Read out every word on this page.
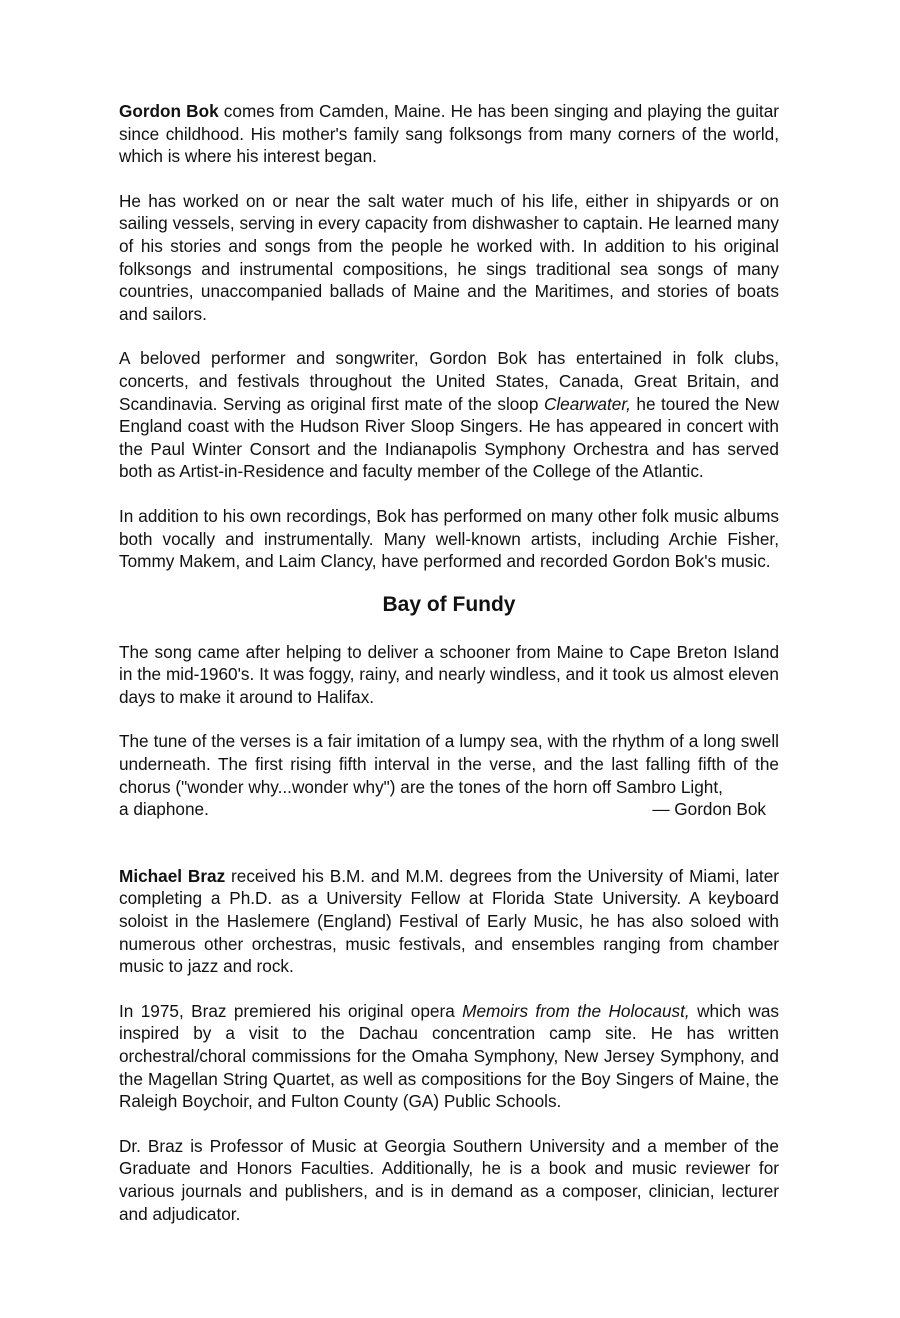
Gordon Bok comes from Camden, Maine. He has been singing and playing the guitar since childhood. His mother's family sang folksongs from many corners of the world, which is where his interest began.

He has worked on or near the salt water much of his life, either in shipyards or on sailing vessels, serving in every capacity from dishwasher to captain. He learned many of his stories and songs from the people he worked with. In addition to his original folksongs and instrumental compositions, he sings traditional sea songs of many countries, unaccompanied ballads of Maine and the Maritimes, and stories of boats and sailors.

A beloved performer and songwriter, Gordon Bok has entertained in folk clubs, concerts, and festivals throughout the United States, Canada, Great Britain, and Scandinavia. Serving as original first mate of the sloop Clearwater, he toured the New England coast with the Hudson River Sloop Singers. He has appeared in concert with the Paul Winter Consort and the Indianapolis Symphony Orchestra and has served both as Artist-in-Residence and faculty member of the College of the Atlantic.

In addition to his own recordings, Bok has performed on many other folk music albums both vocally and instrumentally. Many well-known artists, including Archie Fisher, Tommy Makem, and Laim Clancy, have performed and recorded Gordon Bok's music.

Bay of Fundy

The song came after helping to deliver a schooner from Maine to Cape Breton Island in the mid-1960's. It was foggy, rainy, and nearly windless, and it took us almost eleven days to make it around to Halifax.

The tune of the verses is a fair imitation of a lumpy sea, with the rhythm of a long swell underneath. The first rising fifth interval in the verse, and the last falling fifth of the chorus ("wonder why...wonder why") are the tones of the horn off Sambro Light,

a diaphone.	— Gordon Bok

Michael Braz received his B.M. and M.M. degrees from the University of Miami, later completing a Ph.D. as a University Fellow at Florida State University. A keyboard soloist in the Haslemere (England) Festival of Early Music, he has also soloed with numerous other orchestras, music festivals, and ensembles ranging from chamber music to jazz and rock.

In 1975, Braz premiered his original opera Memoirs from the Holocaust, which was inspired by a visit to the Dachau concentration camp site. He has written orchestral/choral commissions for the Omaha Symphony, New Jersey Symphony, and the Magellan String Quartet, as well as compositions for the Boy Singers of Maine, the Raleigh Boychoir, and Fulton County (GA) Public Schools.

Dr. Braz is Professor of Music at Georgia Southern University and a member of the Graduate and Honors Faculties. Additionally, he is a book and music reviewer for various journals and publishers, and is in demand as a composer, clinician, lecturer and adjudicator.
